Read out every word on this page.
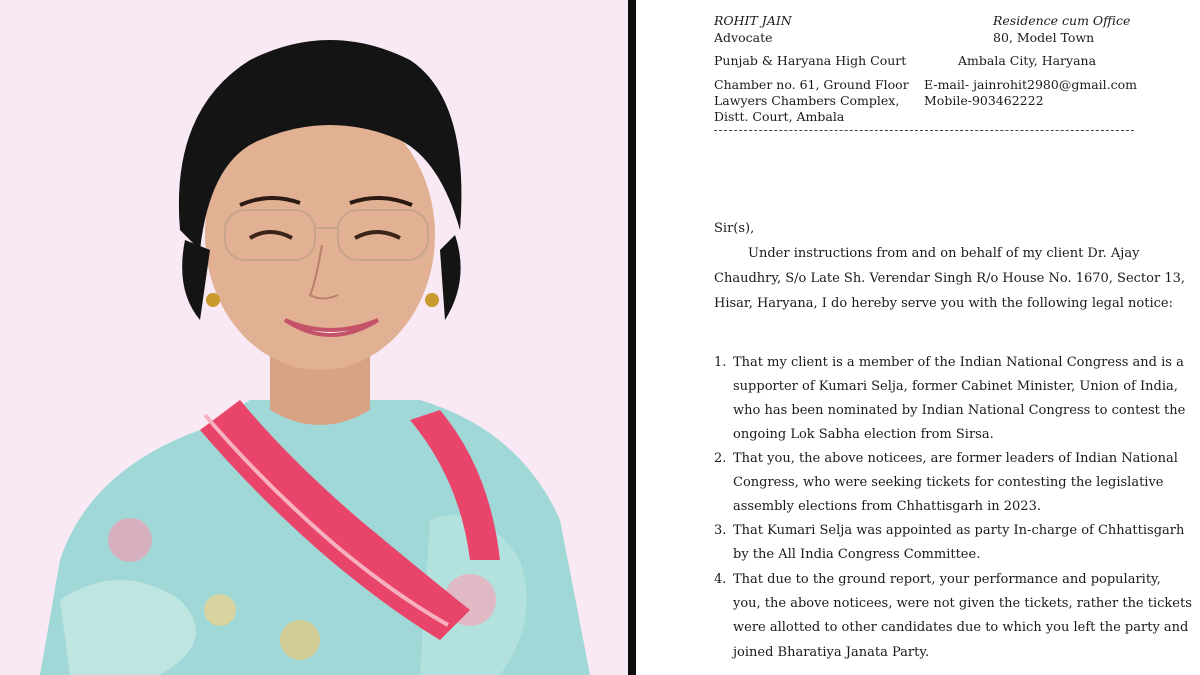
ROHIT JAIN
Advocate
Punjab & Haryana High Court
Chamber no. 61, Ground Floor
Lawyers Chambers Complex,
Distt. Court, Ambala
Residence cum Office
80, Model Town
Ambala City, Haryana
E-mail- jainrohit2980@gmail.com
Mobile-903462222
Sir(s),
Under instructions from and on behalf of my client Dr. Ajay
Chaudhry, S/o Late Sh. Verendar Singh R/o House No. 1670, Sector 13,
Hisar, Haryana, I do hereby serve you with the following legal notice:
1. That my client is a member of the Indian National Congress and is a
supporter of Kumari Selja, former Cabinet Minister, Union of India,
who has been nominated by Indian National Congress to contest the
ongoing Lok Sabha election from Sirsa.
2. That you, the above noticees, are former leaders of Indian National
Congress, who were seeking tickets for contesting the legislative
assembly elections from Chhattisgarh in 2023.
3. That Kumari Selja was appointed as party In-charge of Chhattisgarh
by the All India Congress Committee.
4. That due to the ground report, your performance and popularity,
you, the above noticees, were not given the tickets, rather the tickets
were allotted to other candidates due to which you left the party and
joined Bharatiya Janata Party.
